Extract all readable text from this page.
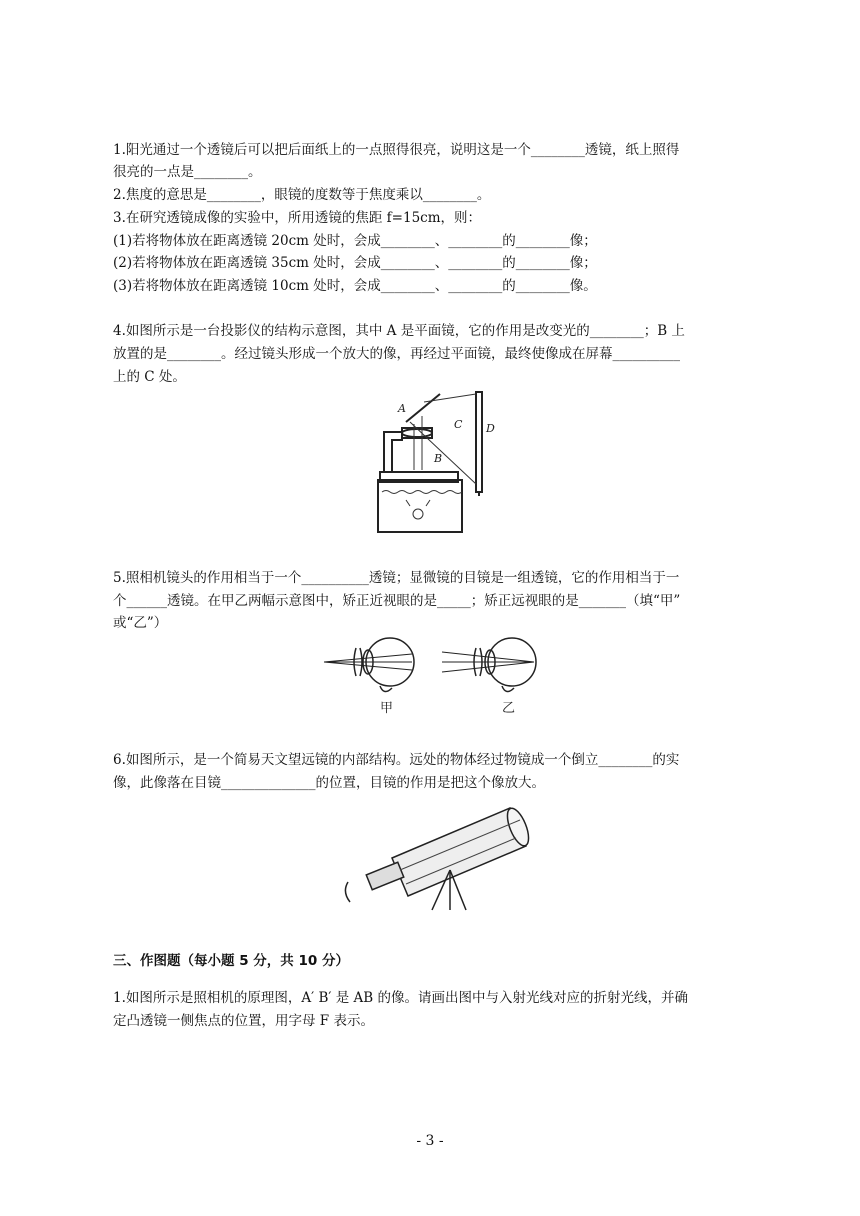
1.阳光通过一个透镜后可以把后面纸上的一点照得很亮，说明这是一个________透镜，纸上照得
很亮的一点是________。
2.焦度的意思是________，眼镜的度数等于焦度乘以________。
3.在研究透镜成像的实验中，所用透镜的焦距 f=15cm，则：
(1)若将物体放在距离透镜 20cm 处时，会成________、________的________像；
(2)若将物体放在距离透镜 35cm 处时，会成________、________的________像；
(3)若将物体放在距离透镜 10cm 处时，会成________、________的________像。
4.如图所示是一台投影仪的结构示意图，其中 A 是平面镜，它的作用是改变光的________；B 上
放置的是________。经过镜头形成一个放大的像，再经过平面镜，最终使像成在屏幕__________
上的 C 处。
A
B
C D
5.照相机镜头的作用相当于一个__________透镜；显微镜的目镜是一组透镜，它的作用相当于一
个______透镜。在甲乙两幅示意图中，矫正近视眼的是_____；矫正远视眼的是_______（填“甲”
或“乙”）
甲	乙
6.如图所示，是一个简易天文望远镜的内部结构。远处的物体经过物镜成一个倒立________的实
像，此像落在目镜______________的位置，目镜的作用是把这个像放大。
三、作图题（每小题 5 分，共 10 分）
1.如图所示是照相机的原理图，A′ B′ 是 AB 的像。请画出图中与入射光线对应的折射光线，并确
定凸透镜一侧焦点的位置，用字母 F 表示。
- 3 -
